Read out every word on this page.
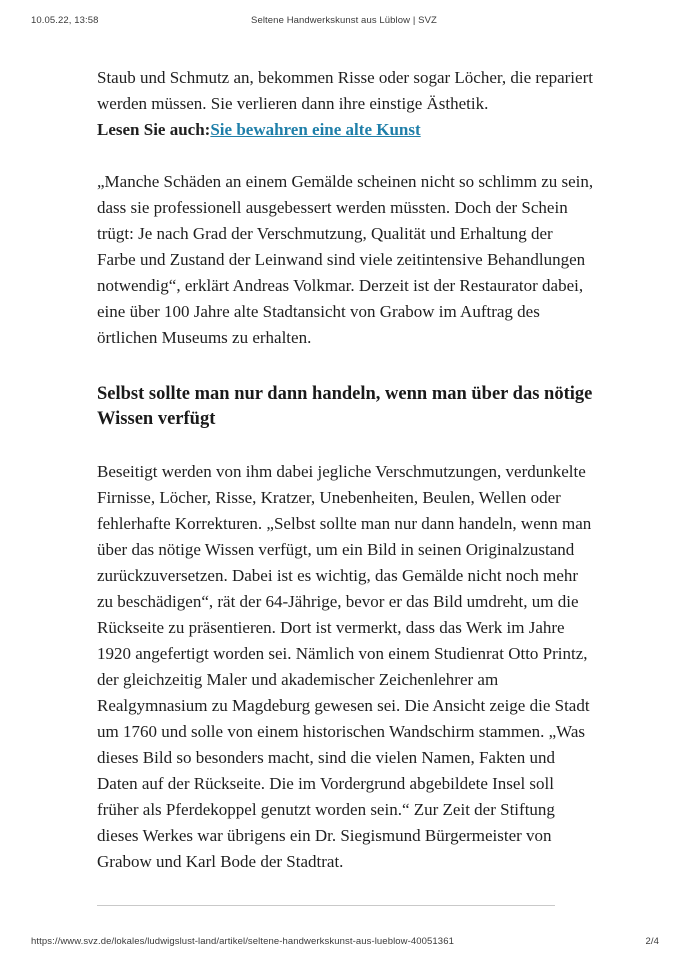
10.05.22, 13:58	Seltene Handwerkskunst aus Lüblow | SVZ

Staub und Schmutz an, bekommen Risse oder sogar Löcher, die repariert werden müssen. Sie verlieren dann ihre einstige Ästhetik.

Lesen Sie auch:Sie bewahren eine alte Kunst

„Manche Schäden an einem Gemälde scheinen nicht so schlimm zu sein, dass sie professionell ausgebessert werden müssten. Doch der Schein trügt: Je nach Grad der Verschmutzung, Qualität und Erhaltung der Farbe und Zustand der Leinwand sind viele zeitintensive Behandlungen notwendig“, erklärt Andreas Volkmar. Derzeit ist der Restaurator dabei, eine über 100 Jahre alte Stadtansicht von Grabow im Auftrag des örtlichen Museums zu erhalten.

Selbst sollte man nur dann handeln, wenn man über das nötige Wissen verfügt

Beseitigt werden von ihm dabei jegliche Verschmutzungen, verdunkelte Firnisse, Löcher, Risse, Kratzer, Unebenheiten, Beulen, Wellen oder fehlerhafte Korrekturen. „Selbst sollte man nur dann handeln, wenn man über das nötige Wissen verfügt, um ein Bild in seinen Originalzustand zurückzuversetzen. Dabei ist es wichtig, das Gemälde nicht noch mehr zu beschädigen“, rät der 64-Jährige, bevor er das Bild umdreht, um die Rückseite zu präsentieren. Dort ist vermerkt, dass das Werk im Jahre 1920 angefertigt worden sei. Nämlich von einem Studienrat Otto Printz, der gleichzeitig Maler und akademischer Zeichenlehrer am Realgymnasium zu Magdeburg gewesen sei. Die Ansicht zeige die Stadt um 1760 und solle von einem historischen Wandschirm stammen. „Was dieses Bild so besonders macht, sind die vielen Namen, Fakten und Daten auf der Rückseite. Die im Vordergrund abgebildete Insel soll früher als Pferdekoppel genutzt worden sein.“ Zur Zeit der Stiftung dieses Werkes war übrigens ein Dr. Siegismund Bürgermeister von Grabow und Karl Bode der Stadtrat.

https://www.svz.de/lokales/ludwigslust-land/artikel/seltene-handwerkskunst-aus-lueblow-40051361	2/4
